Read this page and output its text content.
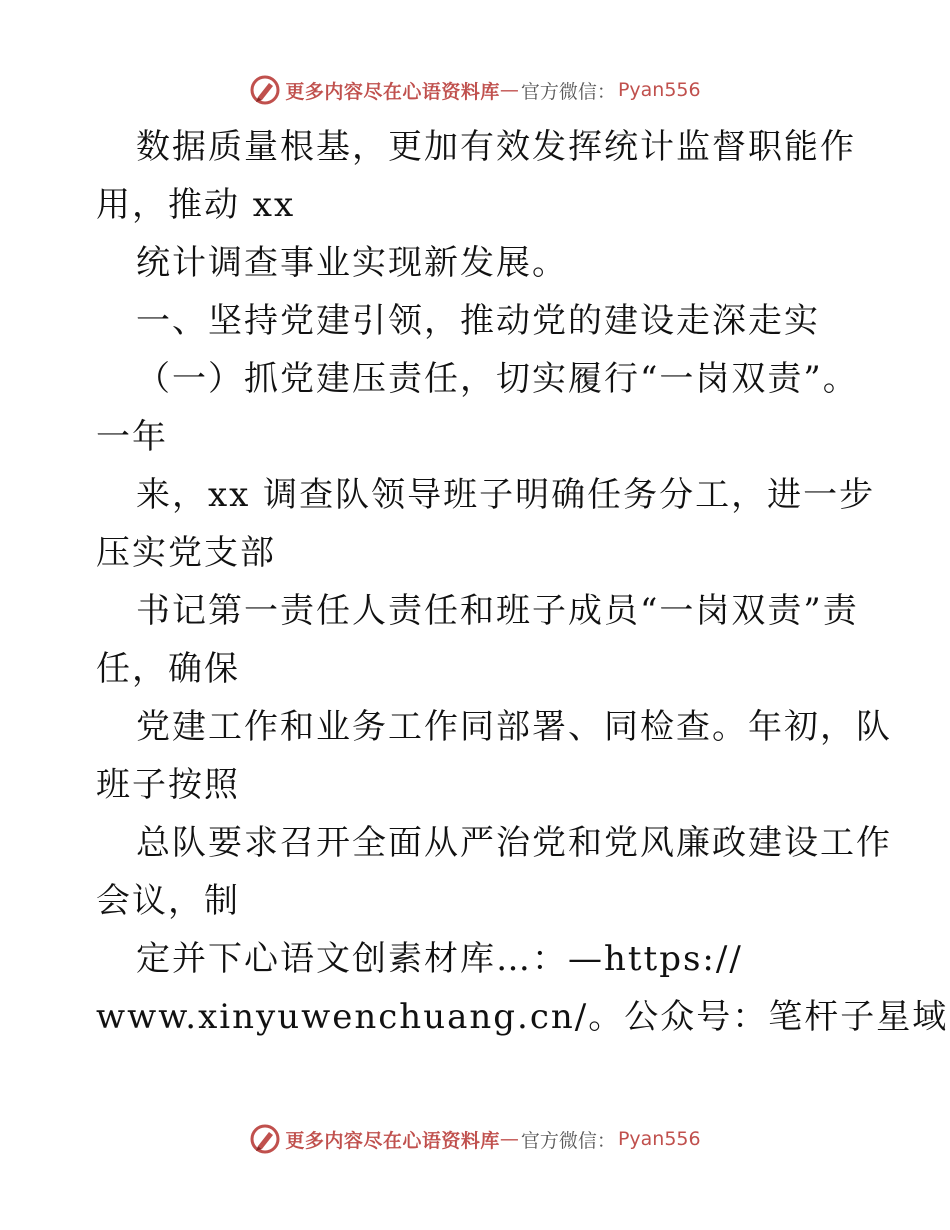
更多内容尽在心语资料库 — 官方微信： Pyan556
数据质量根基，更加有效发挥统计监督职能作
用，推动 xx
统计调查事业实现新发展。
一、坚持党建引领，推动党的建设走深走实
（一）抓党建压责任，切实履行“一岗双责”。
一年
来，xx 调查队领导班子明确任务分工，进一步
压实党支部
书记第一责任人责任和班子成员“一岗双责”责
任，确保
党建工作和业务工作同部署、同检查。年初，队
班子按照
总队要求召开全面从严治党和党风廉政建设工作
会议，制
定并下心语文创素材库…：—https://
www.xinyuwenchuang.cn/。公众号：笔杆子星域
更多内容尽在心语资料库 — 官方微信： Pyan556
